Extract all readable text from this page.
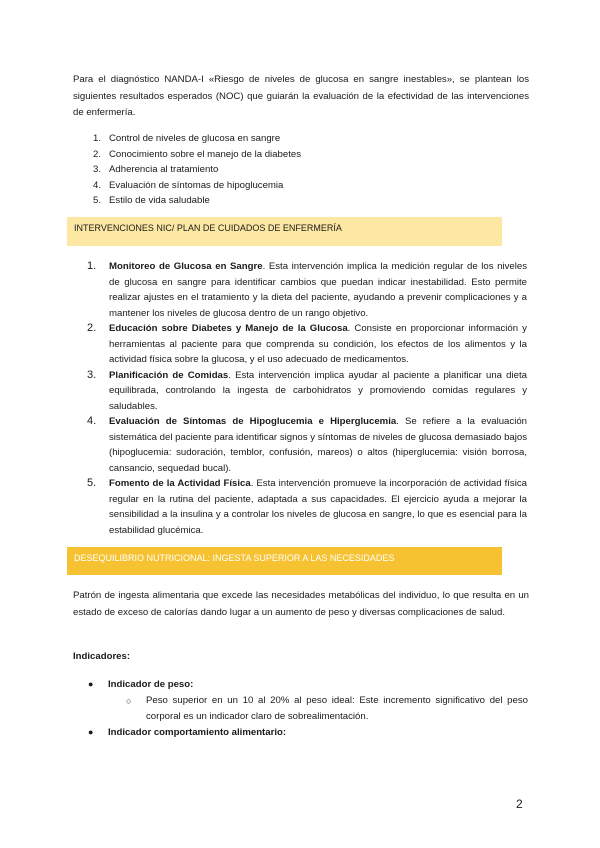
Para el diagnóstico NANDA-I «Riesgo de niveles de glucosa en sangre inestables», se plantean los siguientes resultados esperados (NOC) que guiarán la evaluación de la efectividad de las intervenciones de enfermería.

1. Control de niveles de glucosa en sangre
2. Conocimiento sobre el manejo de la diabetes
3. Adherencia al tratamiento
4. Evaluación de síntomas de hipoglucemia
5. Estilo de vida saludable
INTERVENCIONES NIC/ PLAN DE CUIDADOS DE ENFERMERÍA
1. Monitoreo de Glucosa en Sangre. Esta intervención implica la medición regular de los niveles de glucosa en sangre para identificar cambios que puedan indicar inestabilidad. Esto permite realizar ajustes en el tratamiento y la dieta del paciente, ayudando a prevenir complicaciones y a mantener los niveles de glucosa dentro de un rango objetivo.
2. Educación sobre Diabetes y Manejo de la Glucosa. Consiste en proporcionar información y herramientas al paciente para que comprenda su condición, los efectos de los alimentos y la actividad física sobre la glucosa, y el uso adecuado de medicamentos.
3. Planificación de Comidas. Esta intervención implica ayudar al paciente a planificar una dieta equilibrada, controlando la ingesta de carbohidratos y promoviendo comidas regulares y saludables.
4. Evaluación de Síntomas de Hipoglucemia e Hiperglucemia. Se refiere a la evaluación sistemática del paciente para identificar signos y síntomas de niveles de glucosa demasiado bajos (hipoglucemia: sudoración, temblor, confusión, mareos) o altos (hiperglucemia: visión borrosa, cansancio, sequedad bucal).
5. Fomento de la Actividad Física. Esta intervención promueve la incorporación de actividad física regular en la rutina del paciente, adaptada a sus capacidades. El ejercicio ayuda a mejorar la sensibilidad a la insulina y a controlar los niveles de glucosa en sangre, lo que es esencial para la estabilidad glucémica.
DESEQUILIBRIO NUTRICIONAL: INGESTA SUPERIOR A LAS NECESIDADES

Patrón de ingesta alimentaria que excede las necesidades metabólicas del individuo, lo que resulta en un estado de exceso de calorías dando lugar a un aumento de peso y diversas complicaciones de salud.

Indicadores:
● Indicador de peso:
○	Peso superior en un 10 al 20% al peso ideal: Este incremento significativo del peso corporal es un indicador claro de sobrealimentación.
● Indicador comportamiento alimentario:
2
